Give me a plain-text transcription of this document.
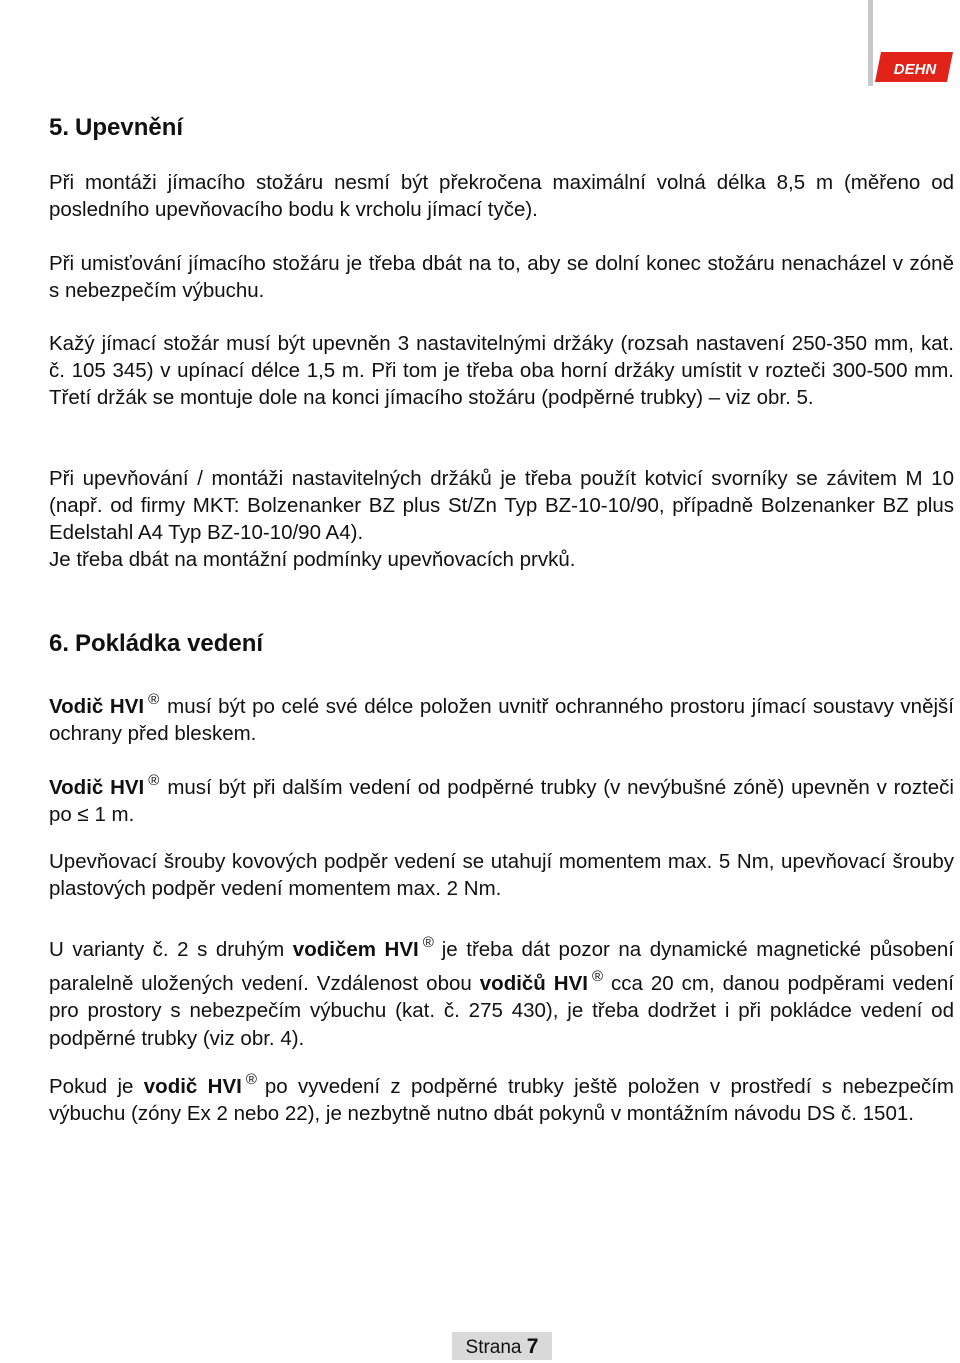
DEHN
5. Upevnění

Při montáži jímacího stožáru nesmí být překročena maximální volná délka 8,5 m (měřeno od posledního upevňovacího bodu k vrcholu jímací tyče).

Při umisťování jímacího stožáru je třeba dbát na to, aby se dolní konec stožáru nenacházel v zóně s nebezpečím výbuchu.

Kažý jímací stožár musí být upevněn 3 nastavitelnými držáky (rozsah nastavení 250-350 mm, kat. č. 105 345) v upínací délce 1,5 m. Při tom je třeba oba horní držáky umístit v rozteči 300-500 mm. Třetí držák se montuje dole na konci jímacího stožáru (podpěrné trubky) – viz obr. 5.

Při upevňování / montáži nastavitelných držáků je třeba použít kotvicí svorníky se závitem M 10 (např. od firmy MKT: Bolzenanker BZ plus St/Zn Typ BZ-10-10/90, případně Bolzenanker BZ plus Edelstahl A4 Typ BZ-10-10/90 A4).

Je třeba dbát na montážní podmínky upevňovacích prvků.

6. Pokládka vedení

Vodič HVI ® musí být po celé své délce položen uvnitř ochranného prostoru jímací soustavy vnější ochrany před bleskem.

Vodič HVI ® musí být při dalším vedení od podpěrné trubky (v nevýbušné zóně) upevněn v rozteči po ≤ 1 m.

Upevňovací šrouby kovových podpěr vedení se utahují momentem max. 5 Nm, upevňovací šrouby plastových podpěr vedení momentem max. 2 Nm.

U varianty č. 2 s druhým vodičem HVI ® je třeba dát pozor na dynamické magnetické působení paralelně uložených vedení. Vzdálenost obou vodičů HVI ® cca 20 cm, danou podpěrami vedení pro prostory s nebezpečím výbuchu (kat. č. 275 430), je třeba dodržet i při pokládce vedení od podpěrné trubky (viz obr. 4).

Pokud je vodič HVI ® po vyvedení z podpěrné trubky ještě položen v prostředí s nebezpečím výbuchu (zóny Ex 2 nebo 22), je nezbytně nutno dbát pokynů v montážním návodu DS č. 1501.

Strana 7
